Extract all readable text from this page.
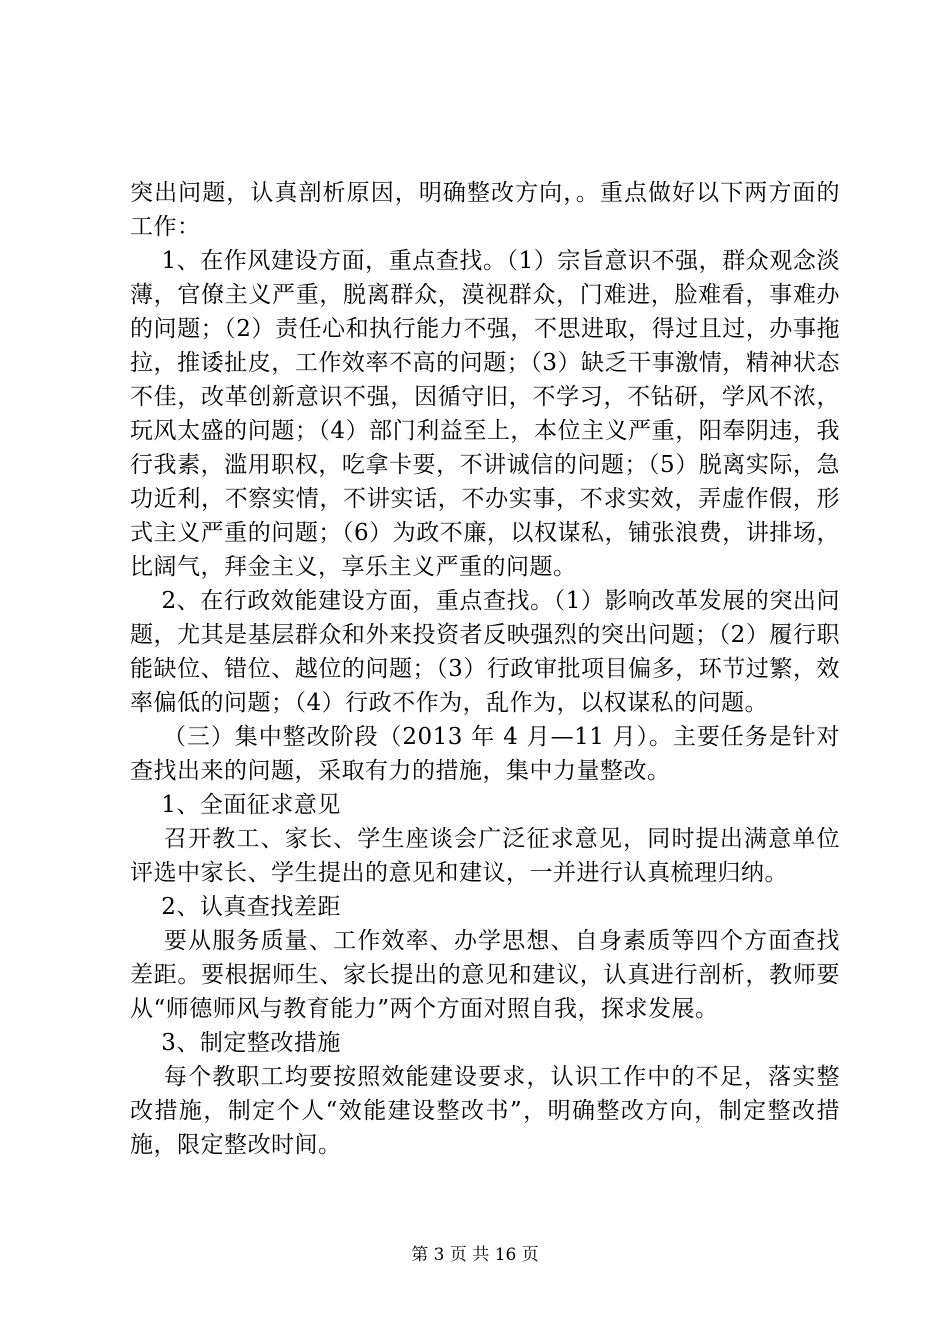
突出问题，认真剖析原因，明确整改方向，。重点做好以下两方面的工作：

1、在作风建设方面，重点查找。（1）宗旨意识不强，群众观念淡薄，官僚主义严重，脱离群众，漠视群众，门难进，脸难看，事难办的问题；（2）责任心和执行能力不强，不思进取，得过且过，办事拖拉，推诿扯皮，工作效率不高的问题；（3）缺乏干事激情，精神状态不佳，改革创新意识不强，因循守旧，不学习，不钻研，学风不浓，玩风太盛的问题；（4）部门利益至上，本位主义严重，阳奉阴违，我行我素，滥用职权，吃拿卡要，不讲诚信的问题；（5）脱离实际，急功近利，不察实情，不讲实话，不办实事，不求实效，弄虚作假，形式主义严重的问题；（6）为政不廉，以权谋私，铺张浪费，讲排场，比阔气，拜金主义，享乐主义严重的问题。

2、在行政效能建设方面，重点查找。（1）影响改革发展的突出问题，尤其是基层群众和外来投资者反映强烈的突出问题；（2）履行职能缺位、错位、越位的问题；（3）行政审批项目偏多，环节过繁，效率偏低的问题；（4）行政不作为，乱作为，以权谋私的问题。

（三）集中整改阶段（2013 年 4 月—11 月）。主要任务是针对查找出来的问题，采取有力的措施，集中力量整改。

1、全面征求意见

召开教工、家长、学生座谈会广泛征求意见，同时提出满意单位评选中家长、学生提出的意见和建议，一并进行认真梳理归纳。

2、认真查找差距

要从服务质量、工作效率、办学思想、自身素质等四个方面查找差距。要根据师生、家长提出的意见和建议，认真进行剖析，教师要从“师德师风与教育能力”两个方面对照自我，探求发展。

3、制定整改措施

每个教职工均要按照效能建设要求，认识工作中的不足，落实整改措施，制定个人“效能建设整改书”，明确整改方向，制定整改措施，限定整改时间。

第 3 页 共 16 页
